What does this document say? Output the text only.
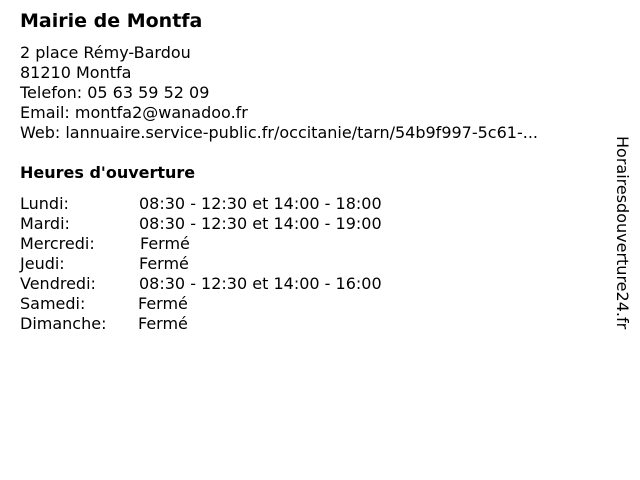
Mairie de Montfa
2 place Rémy-Bardou
81210 Montfa
Telefon: 05 63 59 52 09
Email: montfa2@wanadoo.fr
Web: lannuaire.service-public.fr/occitanie/tarn/54b9f997-5c61-...
Heures d'ouverture
Lundi:	08:30 - 12:30 et 14:00 - 18:00
Mardi:	08:30 - 12:30 et 14:00 - 19:00
Mercredi:	Fermé
Jeudi:	Fermé
Vendredi:	08:30 - 12:30 et 14:00 - 16:00
Samedi:	Fermé
Dimanche: Fermé	Horairesdouverture24.fr
